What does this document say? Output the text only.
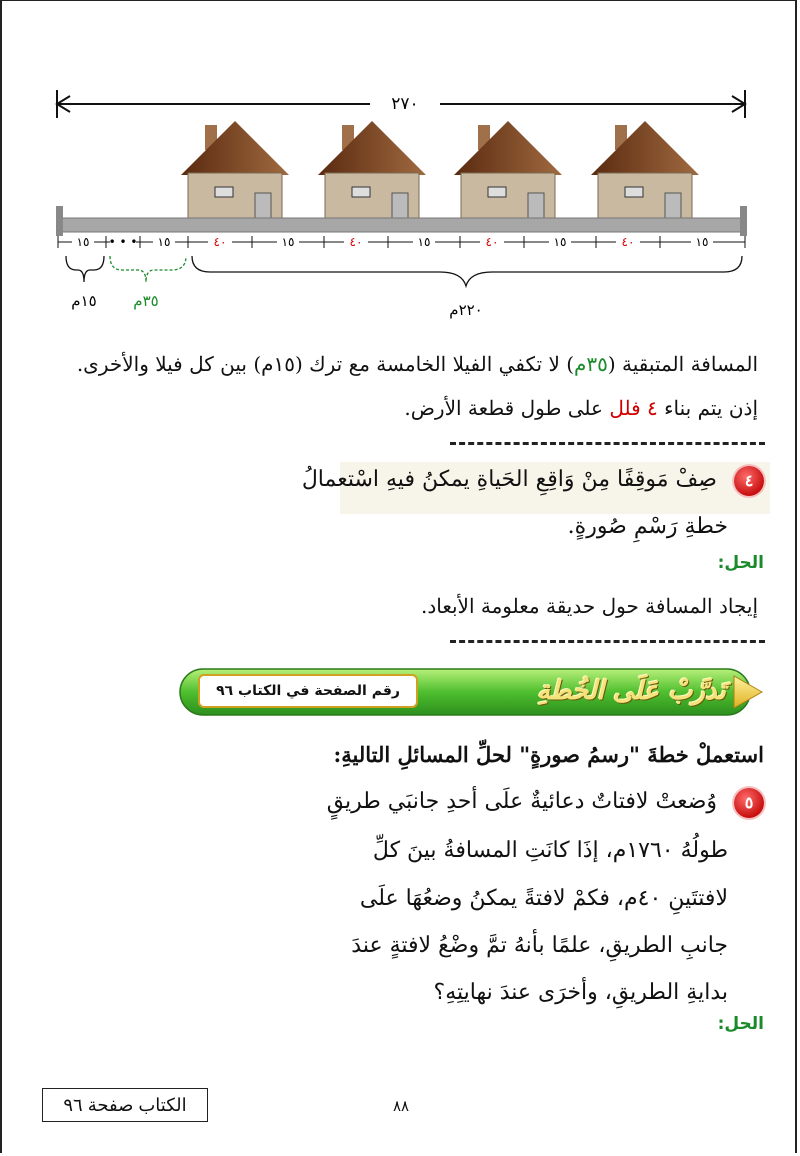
٢٧٠
١٥ • • • ١٥	٤٠	١٥	٤٠	١٥	٤٠	١٥	٤٠	١٥
١٥م ٣٥م	٢٢٠م
المسافة المتبقية (٣٥م) لا تكفي الفيلا الخامسة مع ترك (١٥م) بين كل فيلا والأخرى.
إذن يتم بناء ٤ فلل على طول قطعة الأرض.
٤ صِفْ مَوقِفًا مِنْ وَاقِعِ الحَياةِ يمكنُ فيهِ اسْتعمالُ
خطةِ رَسْمِ صُورةٍ.
الحل:
إيجاد المسافة حول حديقة معلومة الأبعاد.
رقم الصفحة في الكتاب ٩٦	تَدرَّبْ عَلَى الخُطةِ
استعملْ خطةَ "رسمُ صورةٍ" لحلِّ المسائلِ التاليةِ:
٥ وُضعتْ لافتاتٌ دعائيةٌ علَى أحدِ جانبَي طريقٍ
طولُهُ ١٧٦٠م، إذَا كانَتِ المسافةُ بينَ كلِّ
لافتتَينِ ٤٠م، فكمْ لافتةً يمكنُ وضعُهَا علَى
جانبِ الطريقِ، علمًا بأنهُ تمَّ وضْعُ لافتةٍ عندَ
بدايةِ الطريقِ، وأخرَى عندَ نهايتِهِ؟
الحل:
الكتاب صفحة ٩٦	٨٨
